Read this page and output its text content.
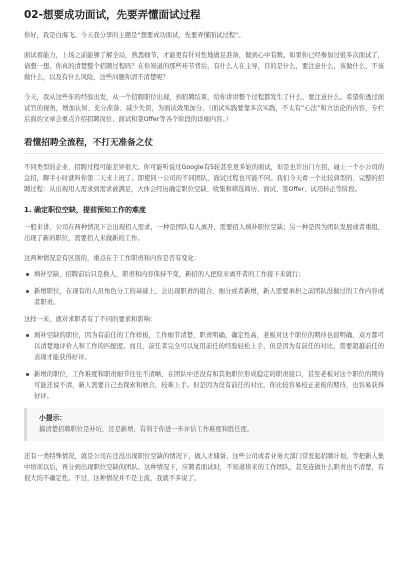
02-想要成功面试，先要弄懂面试过程

你好，我是白海飞。今天我分享的主题是“想要成功面试，先要弄懂面试过程”。

面试看能力，上场之前能够了解全局，熟悉细节，才能更有针对性地做足准备，做到心中有数。如果你已经参加过很多次面试了，请想一想，你真的清楚整个招聘过程吗？在你知道的那些环节背后，有什么人在主导，目的是什么，要注意什么，该做什么、不该做什么，以及有什么风险，这些问题你清不清楚呢？

今天，我从这些年的经验出发，从一个招聘职位出现，到招聘结束，给你讲讲整个过程都发生了什么、要注意什么。希望你透过面试官的视角，增加认知、充分准备、减少失误，为面试效果加分。（面试实践要靠多次实践，不太有“心法”和方法论的内容，专栏后面的文章会重点介绍招聘岗位、面试和签Offer等各个阶段的详细内容。）

看懂招聘全流程，不打无准备之仗

不同类型的企业，招聘过程可能差异很大。你可能听说过Google有5轮甚至更多轮的面试，但是也许出门左拐，碰上一个小公司的急招，聊半小时就叫你第二天来上班了。即使同一公司的不同团队，面试过程也可能不同。我们今天看一个比较典型的、完整的招聘过程：从出现用人需求到需求被满足，大体会经历确定职位空缺、收集和筛选简历、面试、签Offer、试用转正等阶段。

1. 确定职位空缺，提前预知工作的难度

一般来讲，公司在两种情况下会出现招人需求，一种是团队有人离开，需要招人填补职位空缺；另一种是因为团队发展或者重组，出现了新的职位，需要招人来做新的工作。

这两种情况是有区别的，重点在于工作职责和内容是否有变化：

填补空缺，招聘前后只是换人，职责和内容保持不变，新招的人把原来离开者的工作接下来就行；
新增职位，在现有的人员角色分工的基础上，会出现职责的组合、细分或者新增，新人需要承担之前团队没做过的工作内容或者职责。

这样一来，就对求职者有了不同的要求和影响：

填补空缺的职位，因为有前任的工作样板，工作细节清楚、职责明确，确定性高，老板对这个职位的期待也很明确，双方都可以清楚地评价人和工作的匹配度。而且，前任者完全可以复用前任的经验轻松上手，但是因为有前任的对比，需要超越前任的表现才能获得好评。
新增的职位，工作难度和职责细节往往不清晰，在团队中还没有和其他职位形成稳定的职责接口，甚至老板对这个职位的期待可能还说不清，新人需要自己去探索和磨合，较难上手。但是因为没有前任的对比，你比较容易校正老板的期待，也容易获得好评。
小提示：
搞清楚招聘职位是补坑，还是新增，有利于你进一步评估工作难度和胜任度。

还有一类特殊情况，就是公司在还没出现职位空缺的情况下，做人才储备。这些公司或者业务大部门常发起招聘计划，等把新人集中培训以后，再分到出现职位空缺的团队。这种情况下，应聘者面试时，不知道将来的工作团队，甚至连做什么职责也不清楚，有很大的不确定性。不过，这种情况并不是主流，我就不多说了。
